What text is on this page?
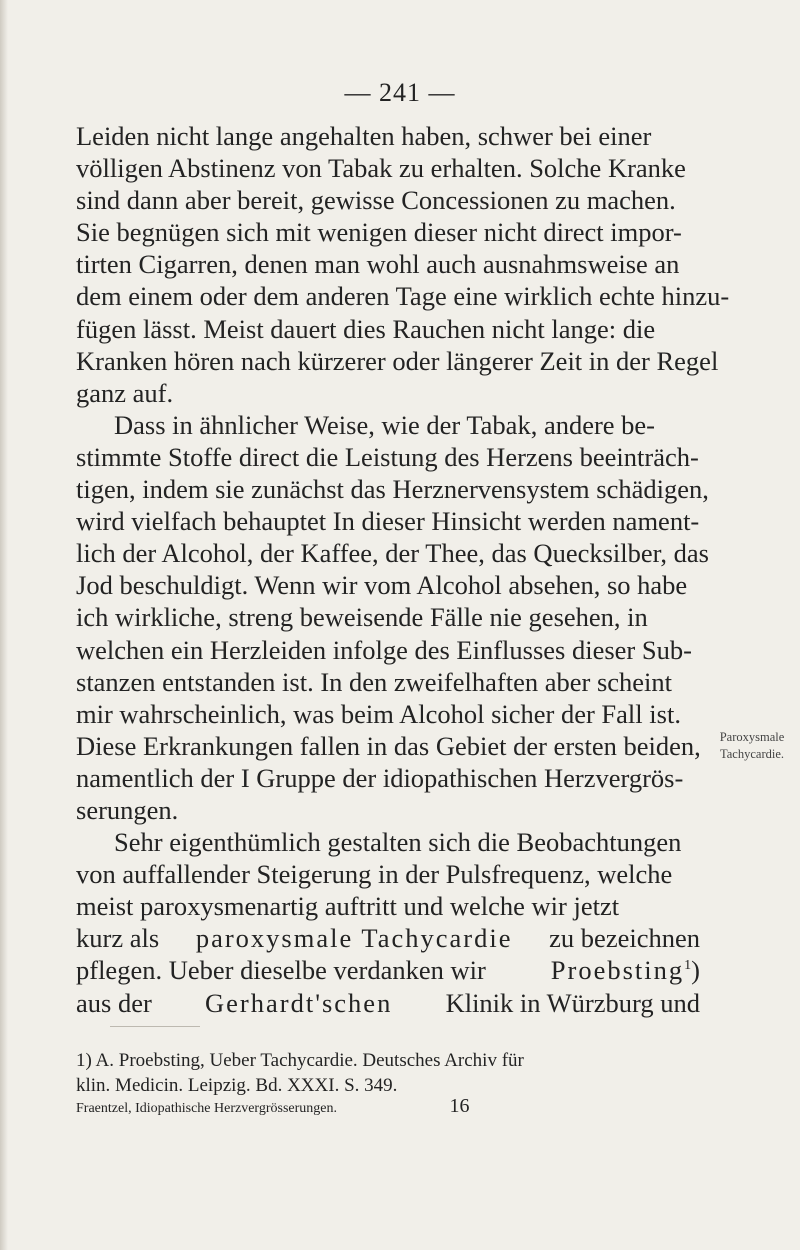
— 241 —
Leiden nicht lange angehalten haben, schwer bei einer
völligen Abstinenz von Tabak zu erhalten. Solche Kranke
sind dann aber bereit, gewisse Concessionen zu machen.
Sie begnügen sich mit wenigen dieser nicht direct impor-
tirten Cigarren, denen man wohl auch ausnahmsweise an
dem einem oder dem anderen Tage eine wirklich echte hinzu-
fügen lässt. Meist dauert dies Rauchen nicht lange: die
Kranken hören nach kürzerer oder längerer Zeit in der Regel
ganz auf.
Dass in ähnlicher Weise, wie der Tabak, andere be-
stimmte Stoffe direct die Leistung des Herzens beeinträch-
tigen, indem sie zunächst das Herznervensystem schädigen,
wird vielfach behauptet In dieser Hinsicht werden nament-
lich der Alcohol, der Kaffee, der Thee, das Quecksilber, das
Jod beschuldigt. Wenn wir vom Alcohol absehen, so habe
ich wirkliche, streng beweisende Fälle nie gesehen, in
welchen ein Herzleiden infolge des Einflusses dieser Sub-
stanzen entstanden ist. In den zweifelhaften aber scheint
mir wahrscheinlich, was beim Alcohol sicher der Fall ist.
Diese Erkrankungen fallen in das Gebiet der ersten beiden,
namentlich der I Gruppe der idiopathischen Herzvergrös-
serungen.
Sehr eigenthümlich gestalten sich die Beobachtungen
von auffallender Steigerung in der Pulsfrequenz, welche
meist paroxysmenartig auftritt und welche wir jetzt
kurz als paroxysmale Tachycardie zu bezeichnen
pflegen. Ueber dieselbe verdanken wir Proebsting$^1$)
aus der Gerhardt'schen Klinik in Würzburg und
Paroxysmale
Tachycardie.
1) A. Proebsting, Ueber Tachycardie. Deutsches Archiv für
klin. Medicin. Leipzig. Bd. XXXI. S. 349.
Fraentzel, Idiopathische Herzvergrösserungen.	16
